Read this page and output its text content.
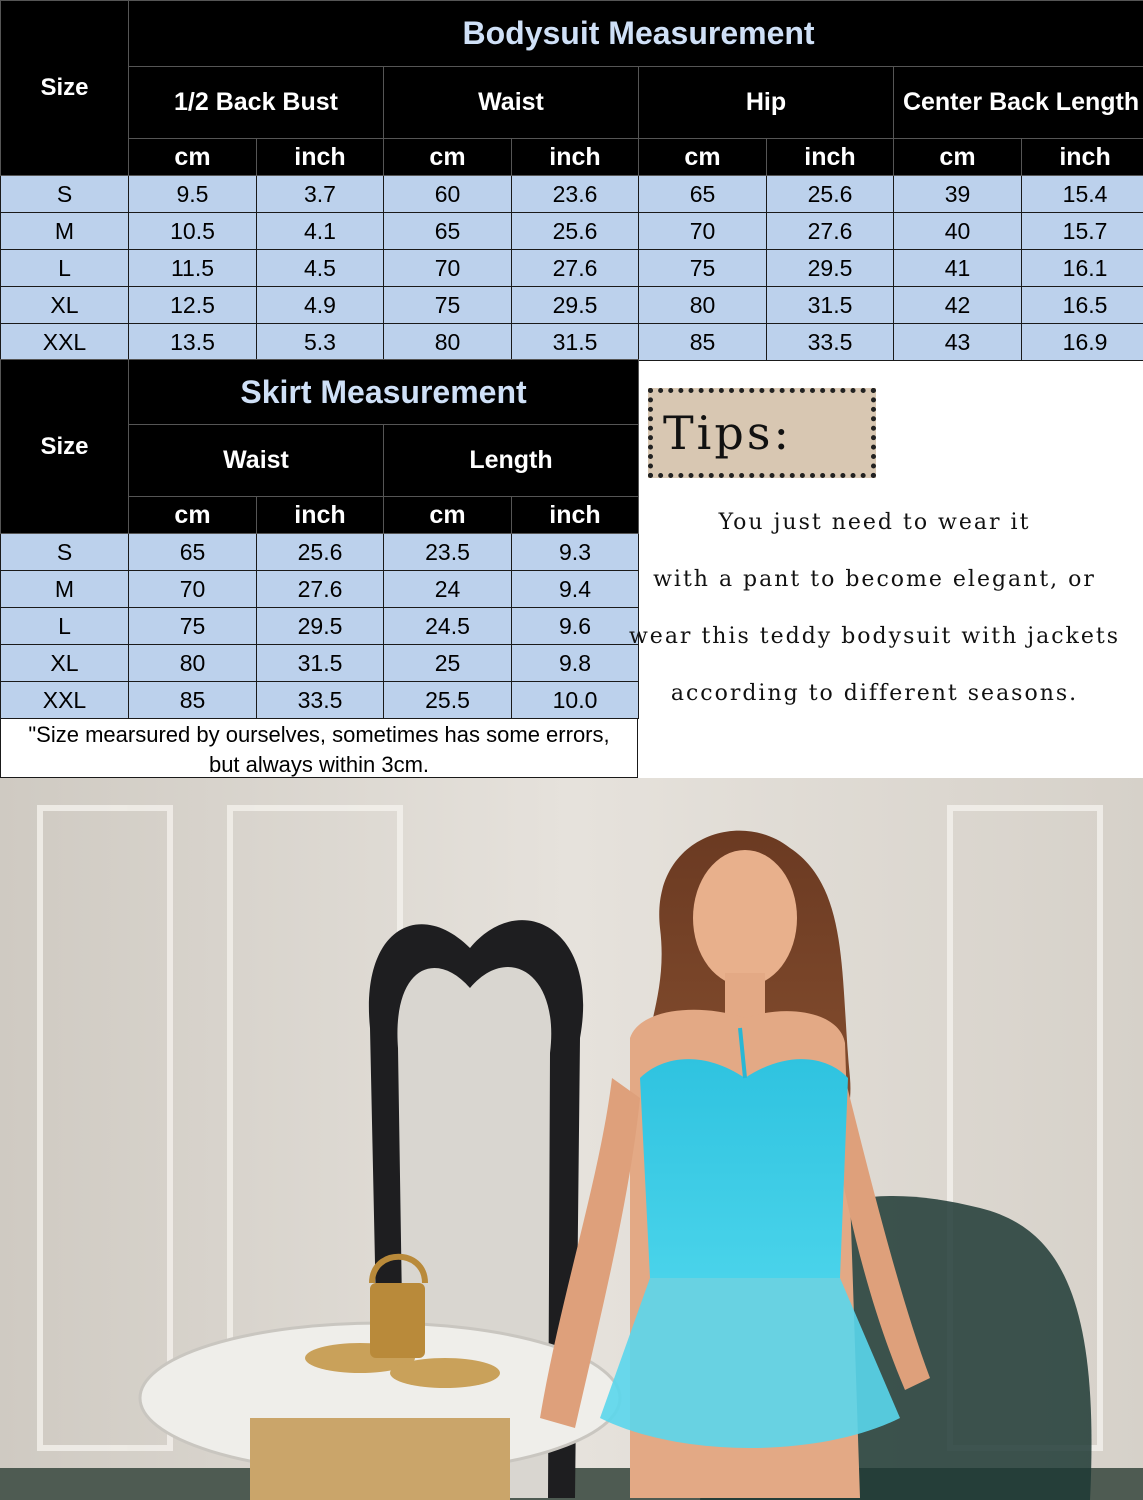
Size	Bodysuit Measurement							
	1/2 Back Bust		Waist		Hip		Center Back Length	
	cm	inch	cm	inch	cm	inch	cm	inch
S	9.5	3.7	60	23.6	65	25.6	39	15.4
M	10.5	4.1	65	25.6	70	27.6	40	15.7
L	11.5	4.5	70	27.6	75	29.5	41	16.1
XL	12.5	4.9	75	29.5	80	31.5	42	16.5
XXL	13.5	5.3	80	31.5	85	33.5	43	16.9
Size	Skirt Measurement			
	Waist		Length	
	cm	inch	cm	inch
S	65	25.6	23.5	9.3
M	70	27.6	24	9.4
L	75	29.5	24.5	9.6
XL	80	31.5	25	9.8
XXL	85	33.5	25.5	10.0
"Size mearsured by ourselves, sometimes has some errors,
but always within 3cm.
Tips:
You just need to wear it
with a pant to become elegant, or
wear this teddy bodysuit with jackets
according to different seasons.
